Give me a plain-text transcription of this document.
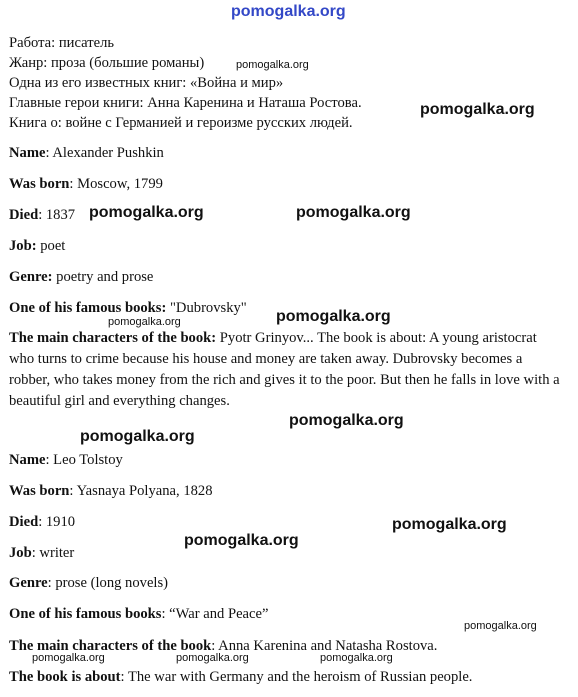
pomogalka.org
Работа: писатель
Жанр: проза (большие романы)
Одна из его известных книг: «Война и мир»
Главные герои книги: Анна Каренина и Наташа Ростова.
Книга о: войне с Германией и героизме русских людей.
Name: Alexander Pushkin
Was born: Moscow, 1799
Died: 1837
Job: poet
Genre: poetry and prose
One of his famous books: "Dubrovsky"
The main characters of the book: Pyotr Grinyov... The book is about: A young aristocrat who turns to crime because his house and money are taken away. Dubrovsky becomes a robber, who takes money from the rich and gives it to the poor. But then he falls in love with a beautiful girl and everything changes.
Name: Leo Tolstoy
Was born: Yasnaya Polyana, 1828
Died: 1910
Job: writer
Genre: prose (long novels)
One of his famous books: “War and Peace”
The main characters of the book: Anna Karenina and Natasha Rostova.
The book is about: The war with Germany and the heroism of Russian people.
pomogalka.org
pomogalka.org
pomogalka.org	pomogalka.org
pomogalka.org
pomogalka.org
pomogalka.org
pomogalka.org
pomogalka.org
pomogalka.org
pomogalka.org
pomogalka.org	pomogalka.org	pomogalka.org
